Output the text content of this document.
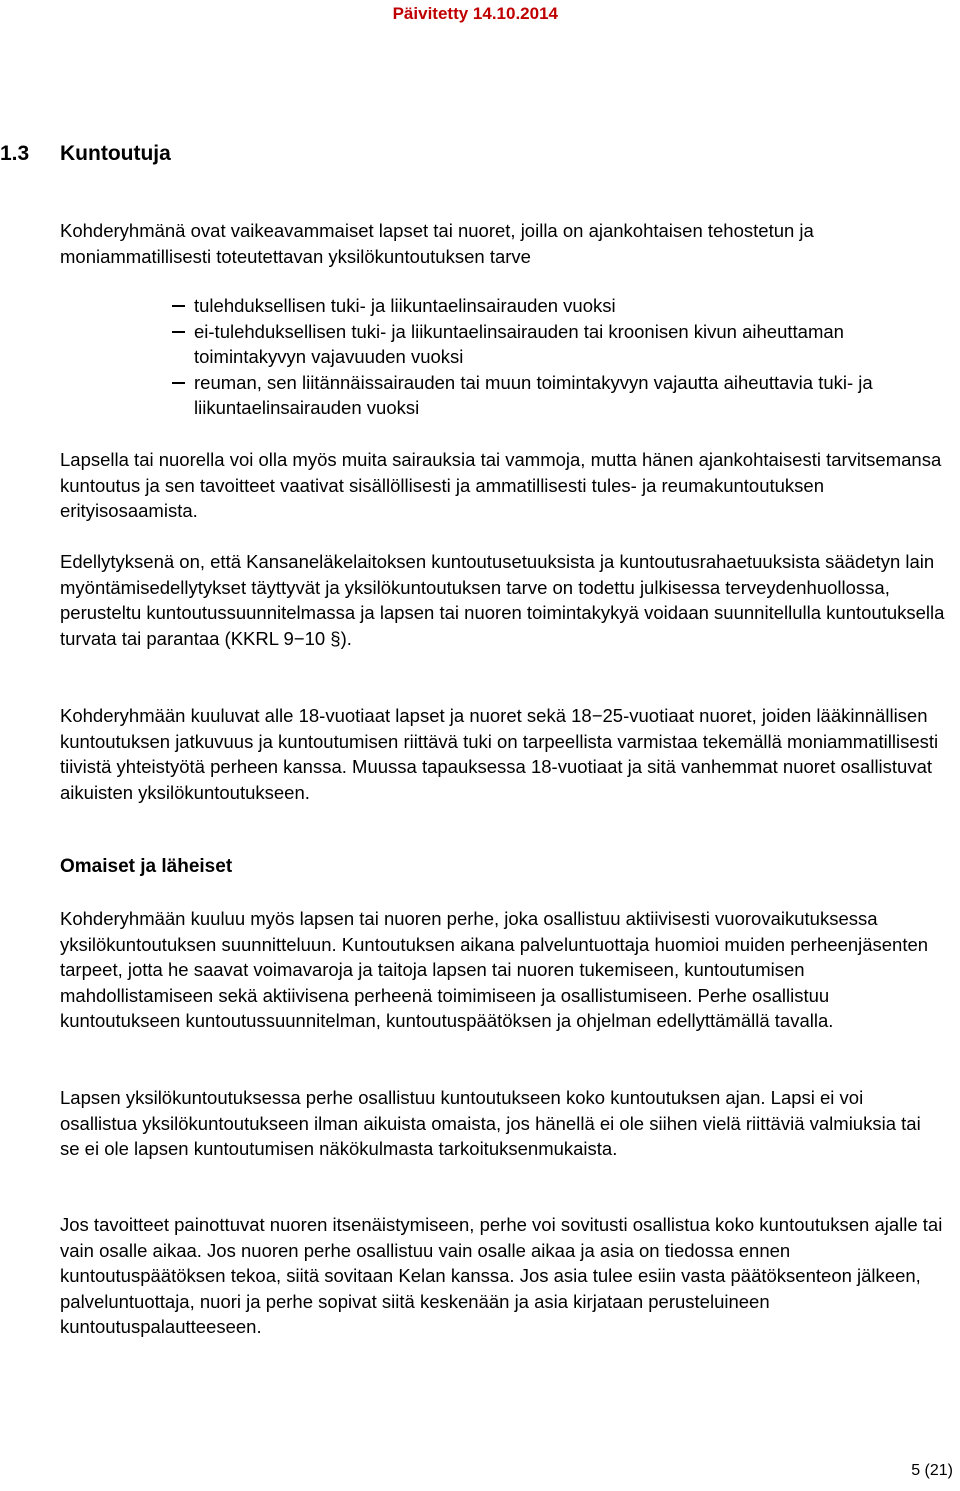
Päivitetty 14.10.2014
1.3 Kuntoutuja

Kohderyhmänä ovat vaikeavammaiset lapset tai nuoret, joilla on ajankohtaisen tehostetun ja moniammatillisesti toteutettavan yksilökuntoutuksen tarve

tulehduksellisen tuki- ja liikuntaelinsairauden vuoksi
ei-tulehduksellisen tuki- ja liikuntaelinsairauden tai kroonisen kivun aiheuttaman toimintakyvyn vajavuuden vuoksi
reuman, sen liitännäissairauden tai muun toimintakyvyn vajautta aiheuttavia tuki- ja liikuntaelinsairauden vuoksi

Lapsella tai nuorella voi olla myös muita sairauksia tai vammoja, mutta hänen ajankohtaisesti tarvitsemansa kuntoutus ja sen tavoitteet vaativat sisällöllisesti ja ammatillisesti tules- ja reumakuntoutuksen erityisosaamista.

Edellytyksenä on, että Kansaneläkelaitoksen kuntoutusetuuksista ja kuntoutusrahaetuuksista säädetyn lain myöntämisedellytykset täyttyvät ja yksilökuntoutuksen tarve on todettu julkisessa terveydenhuollossa, perusteltu kuntoutussuunnitelmassa ja lapsen tai nuoren toimintakykyä voidaan suunnitellulla kuntoutuksella turvata tai parantaa (KKRL 9−10 §).

Kohderyhmään kuuluvat alle 18-vuotiaat lapset ja nuoret sekä 18−25-vuotiaat nuoret, joiden lääkinnällisen kuntoutuksen jatkuvuus ja kuntoutumisen riittävä tuki on tarpeellista varmistaa tekemällä moniammatillisesti tiivistä yhteistyötä perheen kanssa. Muussa tapauksessa 18-vuotiaat ja sitä vanhemmat nuoret osallistuvat aikuisten yksilökuntoutukseen.

Omaiset ja läheiset

Kohderyhmään kuuluu myös lapsen tai nuoren perhe, joka osallistuu aktiivisesti vuorovaikutuksessa yksilökuntoutuksen suunnitteluun. Kuntoutuksen aikana palveluntuottaja huomioi muiden perheenjäsenten tarpeet, jotta he saavat voimavaroja ja taitoja lapsen tai nuoren tukemiseen, kuntoutumisen mahdollistamiseen sekä aktiivisena perheenä toimimiseen ja osallistumiseen. Perhe osallistuu kuntoutukseen kuntoutussuunnitelman, kuntoutuspäätöksen ja ohjelman edellyttämällä tavalla.

Lapsen yksilökuntoutuksessa perhe osallistuu kuntoutukseen koko kuntoutuksen ajan. Lapsi ei voi osallistua yksilökuntoutukseen ilman aikuista omaista, jos hänellä ei ole siihen vielä riittäviä valmiuksia tai se ei ole lapsen kuntoutumisen näkökulmasta tarkoituksenmukaista.

Jos tavoitteet painottuvat nuoren itsenäistymiseen, perhe voi sovitusti osallistua koko kuntoutuksen ajalle tai vain osalle aikaa. Jos nuoren perhe osallistuu vain osalle aikaa ja asia on tiedossa ennen kuntoutuspäätöksen tekoa, siitä sovitaan Kelan kanssa. Jos asia tulee esiin vasta päätöksenteon jälkeen, palveluntuottaja, nuori ja perhe sopivat siitä keskenään ja asia kirjataan perusteluineen kuntoutuspalautteeseen.

5 (21)
